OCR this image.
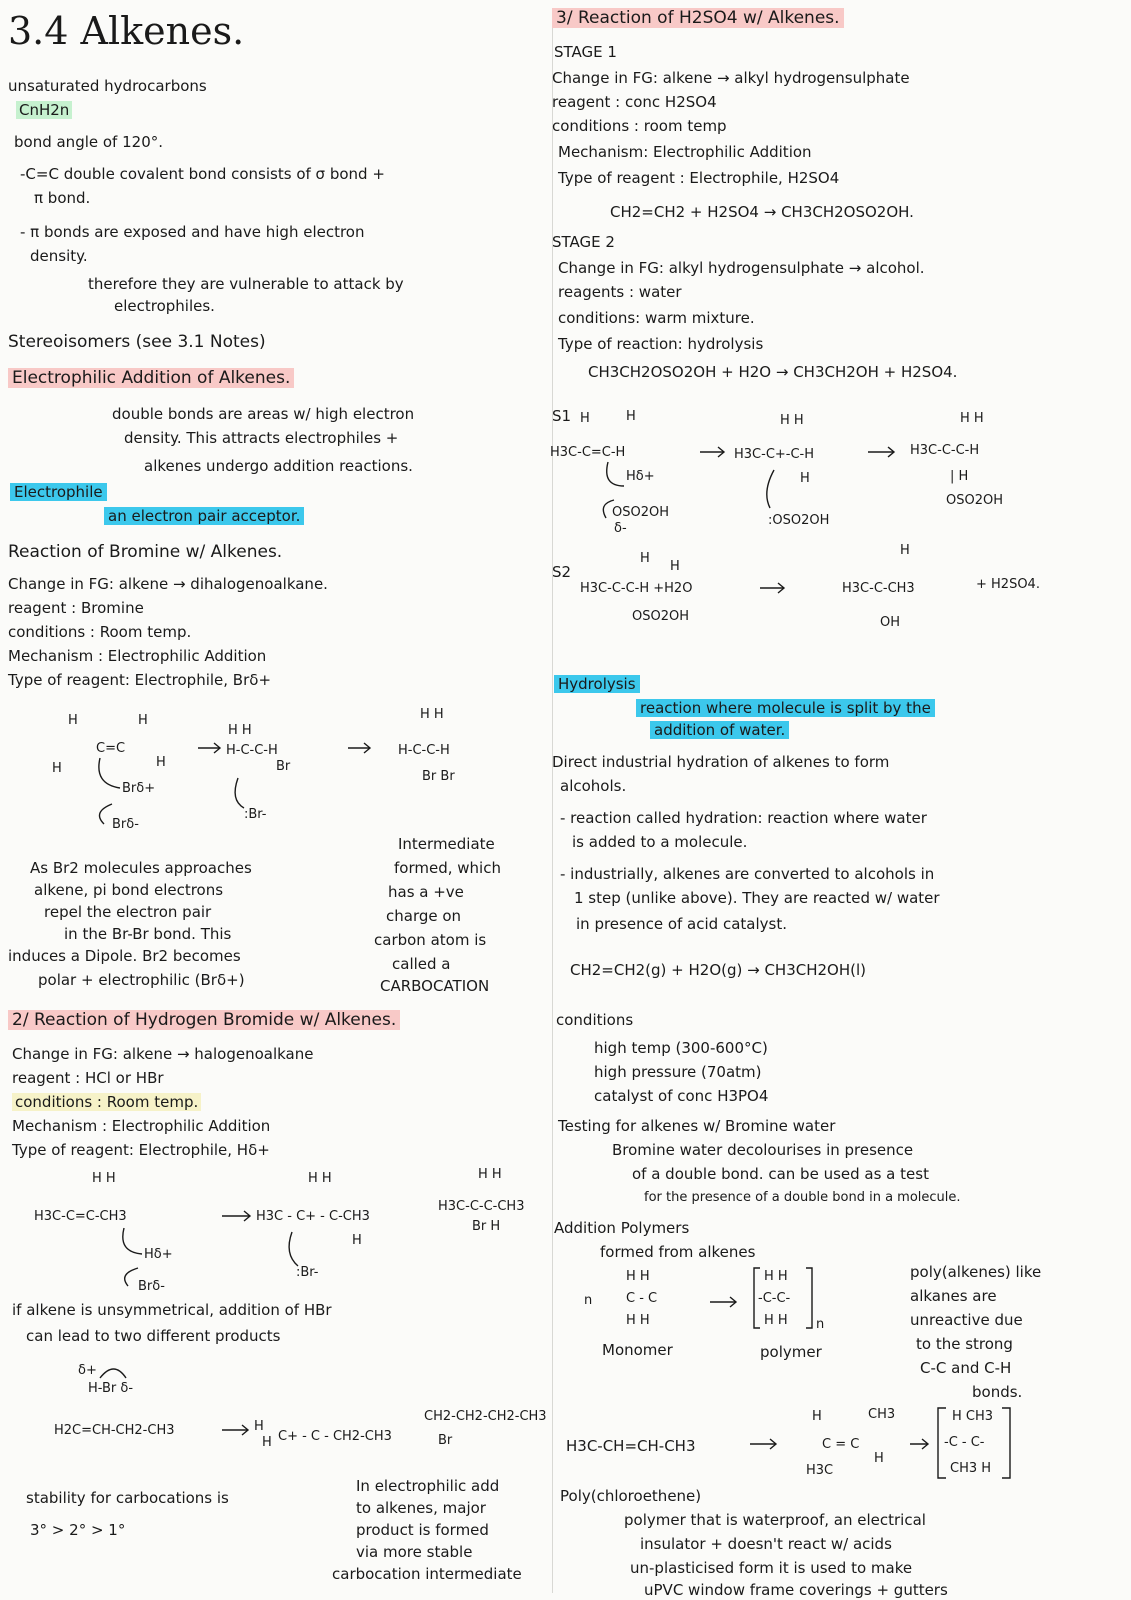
3.4 Alkenes.
unsaturated hydrocarbons
CnH2n
bond angle of 120°.
-C=C double covalent bond consists of σ bond +
π bond.
- π bonds are exposed and have high electron
density.
therefore they are vulnerable to attack by
electrophiles.
Stereoisomers (see 3.1 Notes)
Electrophilic Addition of Alkenes.
double bonds are areas w/ high electron
density. This attracts electrophiles +
alkenes undergo addition reactions.
Electrophile
an electron pair acceptor.
Reaction of Bromine w/ Alkenes.
Change in FG: alkene → dihalogenoalkane.
reagent : Bromine
conditions : Room temp.
Mechanism : Electrophilic Addition
Type of reagent: Electrophile, Brδ+
H	H
H	H
C=C
Brδ+
Brδ-
H H
H-C-C-H
Br
:Br-
H H
H-C-C-H
Br Br
As Br2 molecules approaches
alkene, pi bond electrons
repel the electron pair
in the Br-Br bond. This
induces a Dipole. Br2 becomes
polar + electrophilic (Brδ+)
Intermediate
formed, which
has a +ve
charge on
carbon atom is
called a
CARBOCATION
2/ Reaction of Hydrogen Bromide w/ Alkenes.
Change in FG: alkene → halogenoalkane
reagent : HCl or HBr
conditions : Room temp.
Mechanism : Electrophilic Addition
Type of reagent: Electrophile, Hδ+
H H
H3C-C=C-CH3
Hδ+
Brδ-
H H
H3C - C+ - C-CH3
H
:Br-
H3C-C-C-CH3
H H
Br H
if alkene is unsymmetrical, addition of HBr
can lead to two different products
δ+
H-Br δ-
H2C=CH-CH2-CH3	H
H C+ - C - CH2-CH3
CH2-CH2-CH2-CH3
Br
stability for carbocations is
3° > 2° > 1°
In electrophilic add
to alkenes, major
product is formed
via more stable
carbocation intermediate
3/ Reaction of H2SO4 w/ Alkenes.
STAGE 1
Change in FG: alkene → alkyl hydrogensulphate
reagent : conc H2SO4
conditions : room temp
Mechanism: Electrophilic Addition
Type of reagent : Electrophile, H2SO4
CH2=CH2 + H2SO4 → CH3CH2OSO2OH.
STAGE 2
Change in FG: alkyl hydrogensulphate → alcohol.
reagents : water
conditions: warm mixture.
Type of reaction: hydrolysis
CH3CH2OSO2OH + H2O → CH3CH2OH + H2SO4.
S1	H
H
H3C-C=C-H
Hδ+
OSO2OH
δ-
H H
H3C-C+-C-H
H
:OSO2OH
H H
H3C-C-C-H
| H
OSO2OH
S2
H
H
H3C-C-C-H +H2O
OSO2OH
H
H3C-C-CH3
OH
+ H2SO4.
Hydrolysis
reaction where molecule is split by the
addition of water.
Direct industrial hydration of alkenes to form
alcohols.
- reaction called hydration: reaction where water
is added to a molecule.
- industrially, alkenes are converted to alcohols in
1 step (unlike above). They are reacted w/ water
in presence of acid catalyst.
CH2=CH2(g) + H2O(g) → CH3CH2OH(l)
conditions
high temp (300-600°C)
high pressure (70atm)
catalyst of conc H3PO4
Testing for alkenes w/ Bromine water
Bromine water decolourises in presence
of a double bond. can be used as a test
for the presence of a double bond in a molecule.
Addition Polymers
formed from alkenes
n
H H
C - C
H H
H H
-C-C-
H H n
Monomer	polymer
poly(alkenes) like
alkanes are
unreactive due
to the strong
C-C and C-H
bonds.
H3C-CH=CH-CH3
H	CH3
C = C
H3C
H
H CH3
-C - C-
CH3 H
Poly(chloroethene)
polymer that is waterproof, an electrical
insulator + doesn't react w/ acids
un-plasticised form it is used to make
uPVC window frame coverings + gutters
